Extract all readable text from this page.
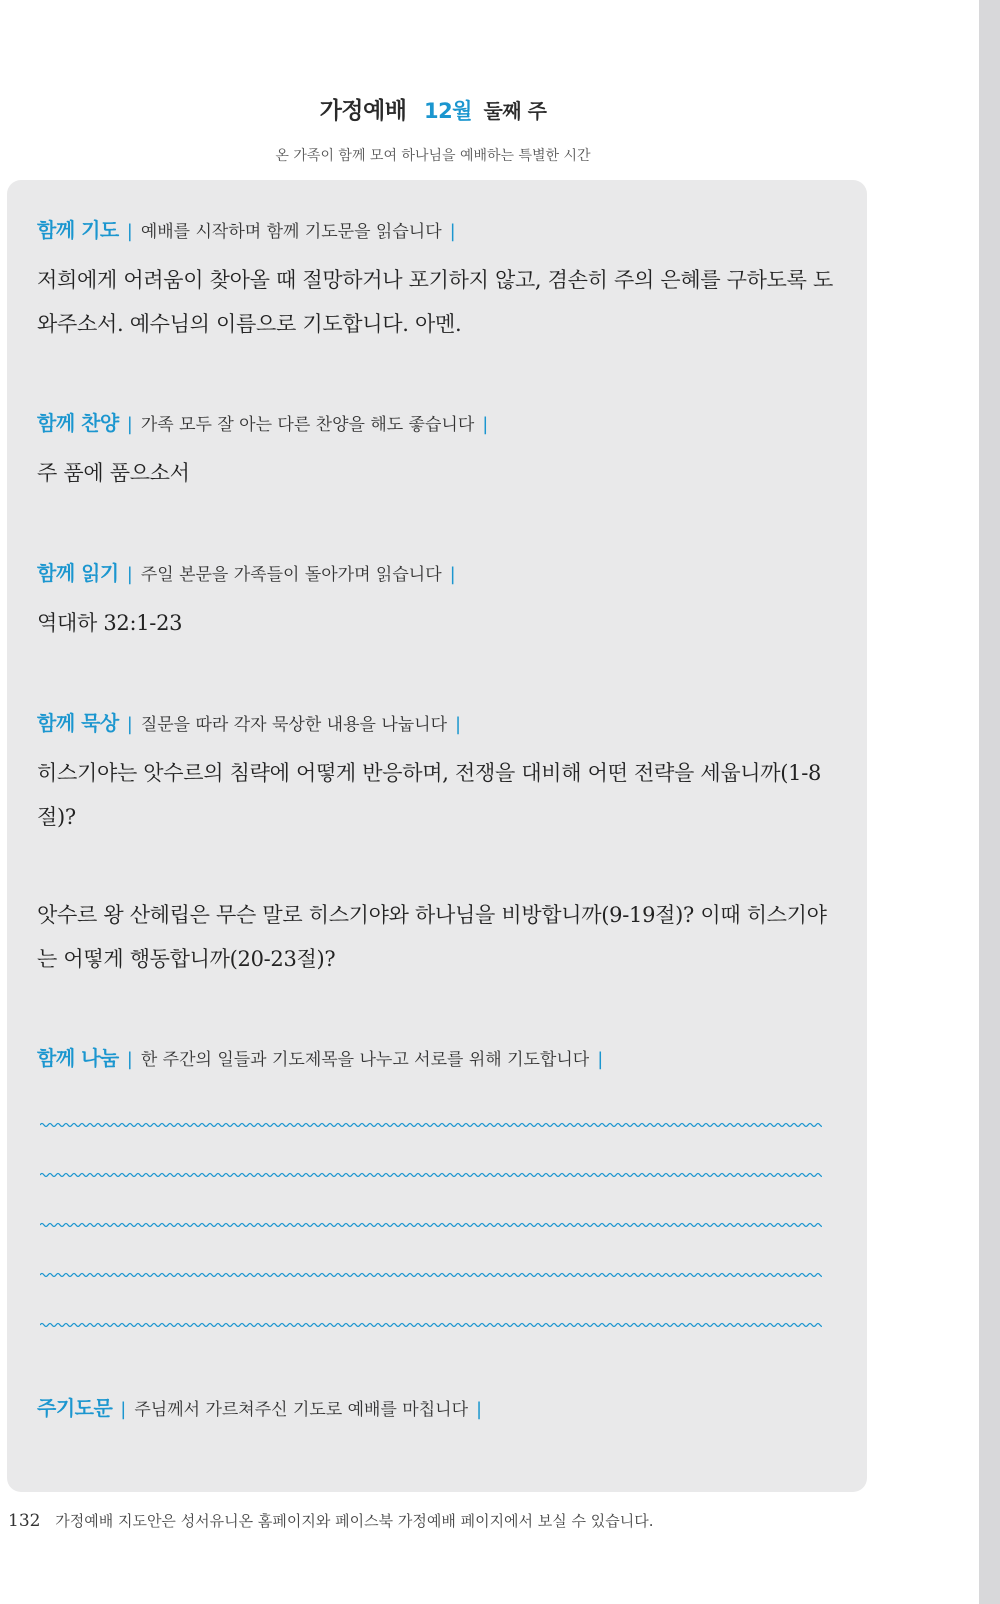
가정예배 12월 둘째 주
온 가족이 함께 모여 하나님을 예배하는 특별한 시간
함께 기도 | 예배를 시작하며 함께 기도문을 읽습니다 |
저희에게 어려움이 찾아올 때 절망하거나 포기하지 않고, 겸손히 주의 은혜를 구하도록 도와주소서. 예수님의 이름으로 기도합니다. 아멘.
함께 찬양 | 가족 모두 잘 아는 다른 찬양을 해도 좋습니다 |
주 품에 품으소서
함께 읽기 | 주일 본문을 가족들이 돌아가며 읽습니다 |
역대하 32:1-23
함께 묵상 | 질문을 따라 각자 묵상한 내용을 나눕니다 |
히스기야는 앗수르의 침략에 어떻게 반응하며, 전쟁을 대비해 어떤 전략을 세웁니까(1-8절)?
앗수르 왕 산헤립은 무슨 말로 히스기야와 하나님을 비방합니까(9-19절)? 이때 히스기야는 어떻게 행동합니까(20-23절)?
함께 나눔 | 한 주간의 일들과 기도제목을 나누고 서로를 위해 기도합니다 |
주기도문 | 주님께서 가르쳐주신 기도로 예배를 마칩니다 |
132 가정예배 지도안은 성서유니온 홈페이지와 페이스북 가정예배 페이지에서 보실 수 있습니다.
